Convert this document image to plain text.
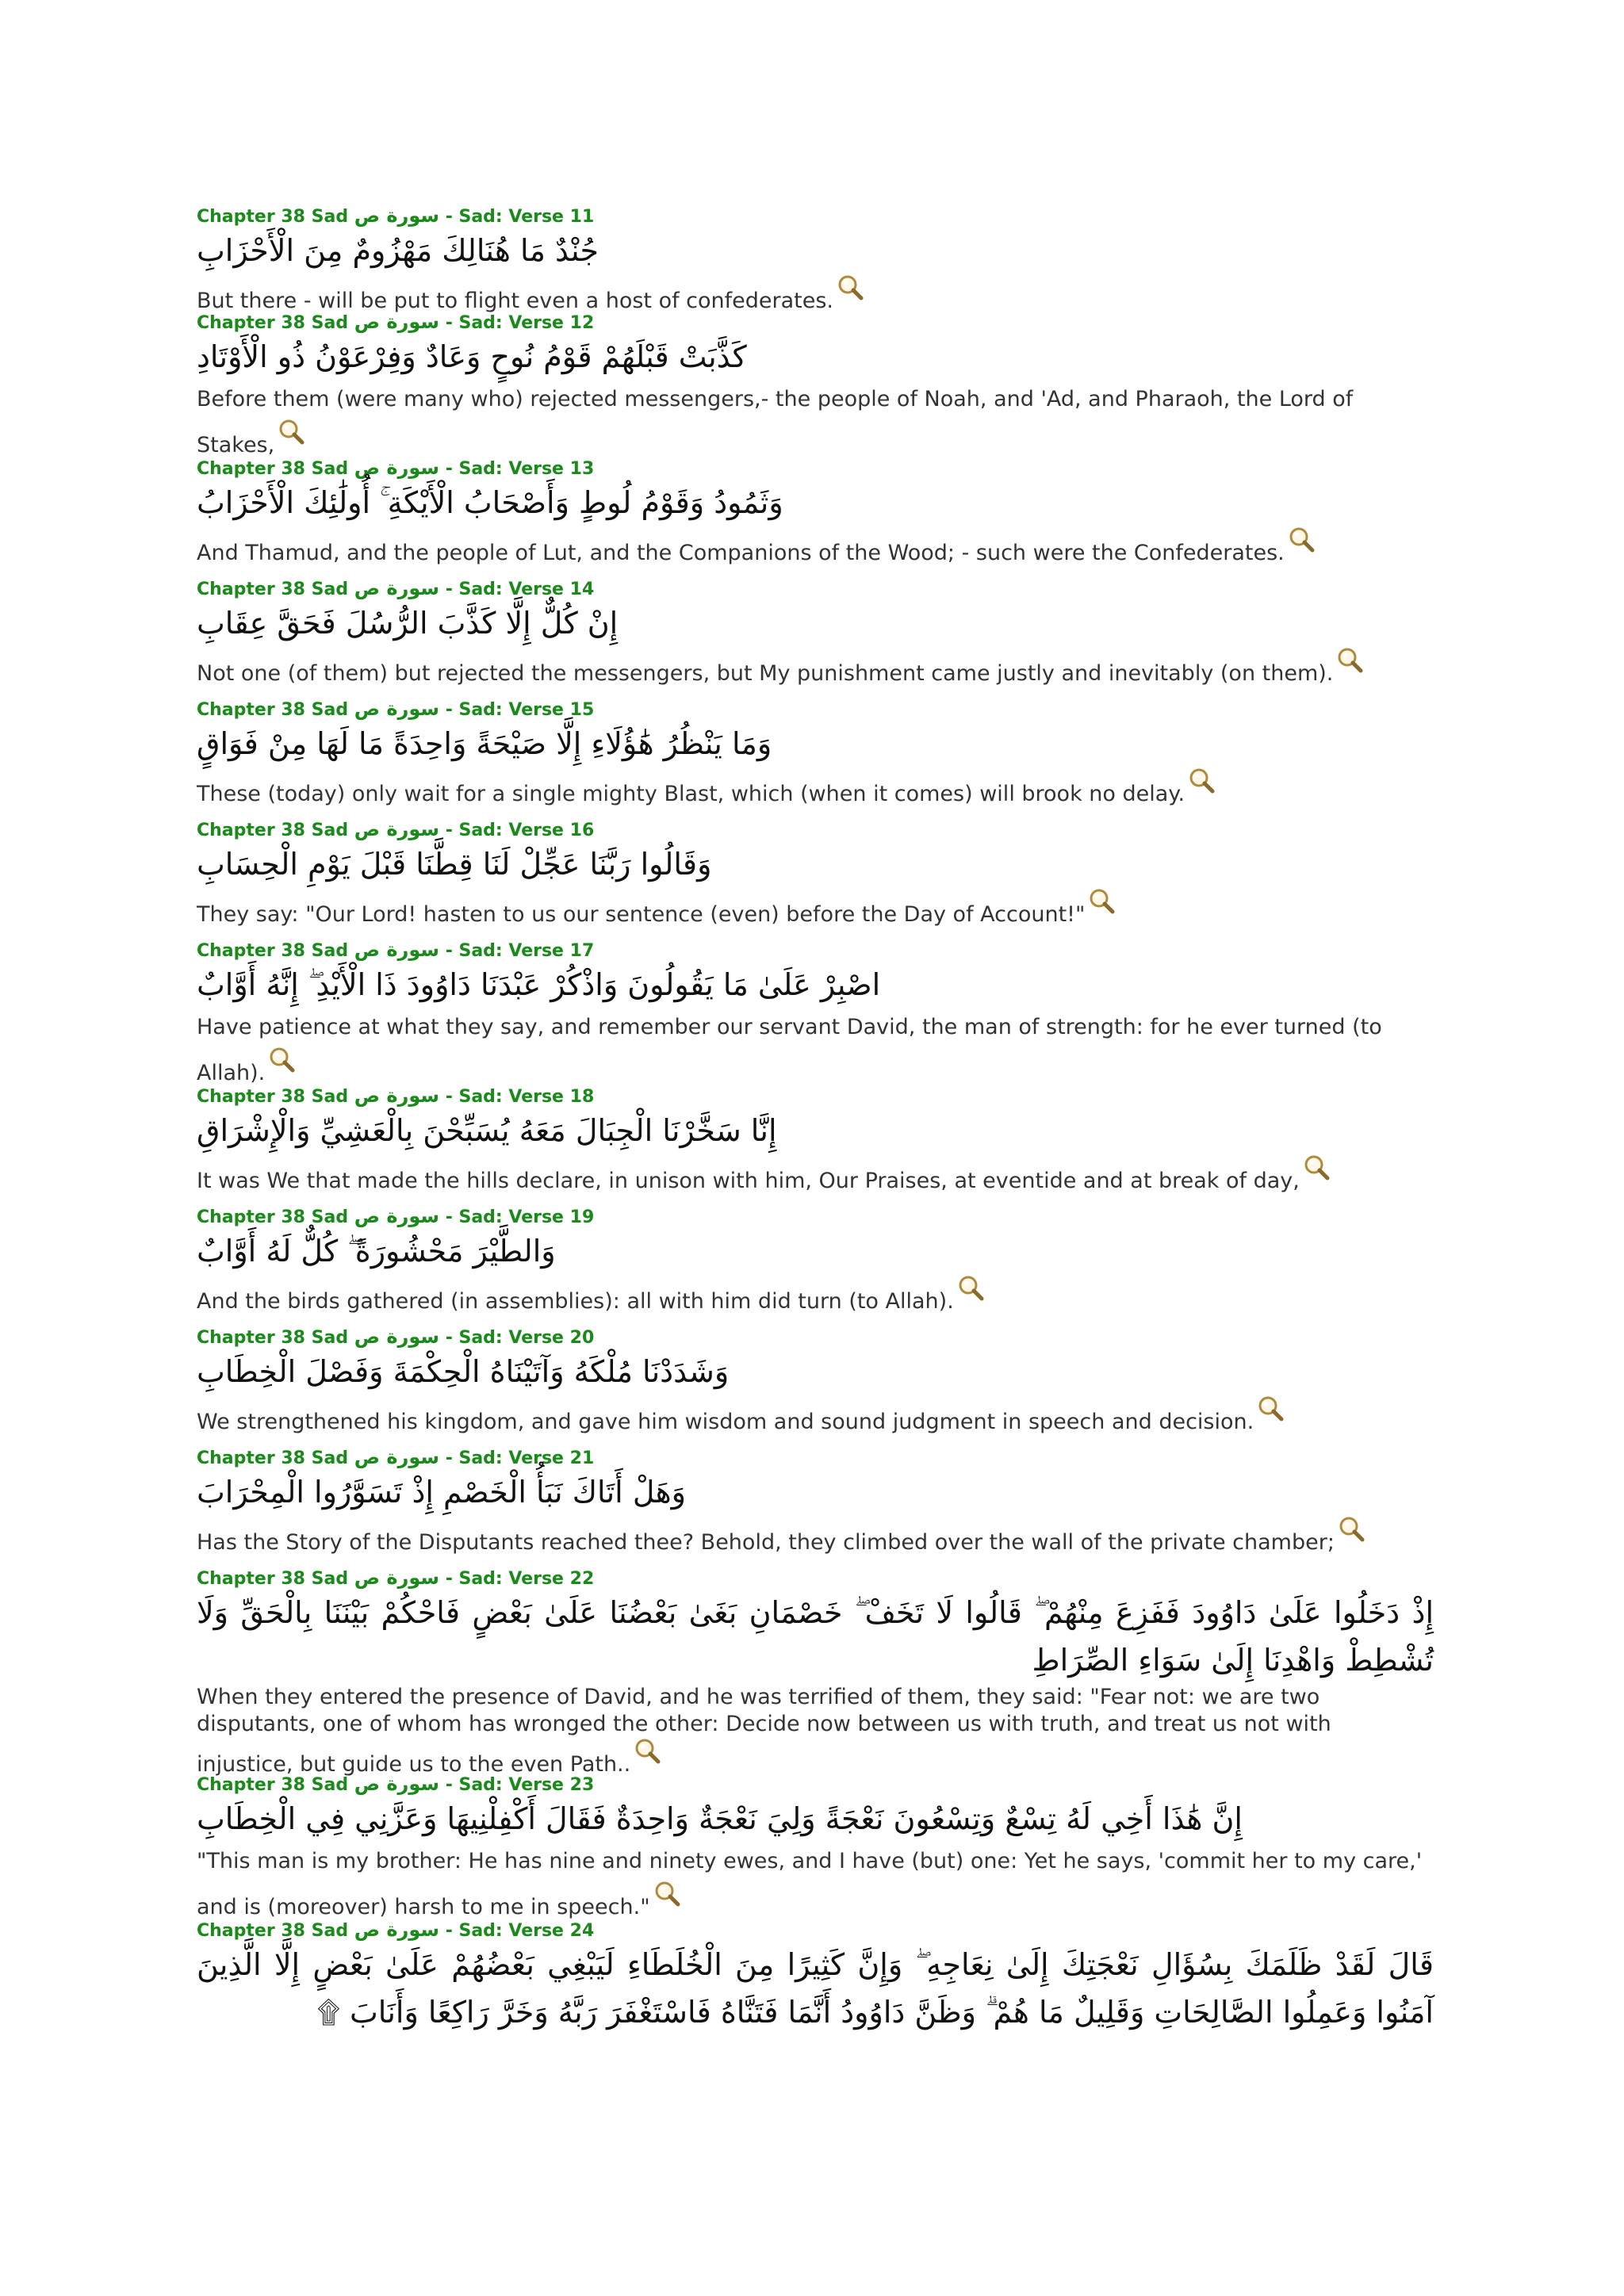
Chapter 38 Sad سورة ص - Sad: Verse 11
جُنْدٌ مَا هُنَالِكَ مَهْزُومٌ مِنَ الْأَحْزَابِ
But there - will be put to flight even a host of confederates.
Chapter 38 Sad سورة ص - Sad: Verse 12
كَذَّبَتْ قَبْلَهُمْ قَوْمُ نُوحٍ وَعَادٌ وَفِرْعَوْنُ ذُو الْأَوْتَادِ
Before them (were many who) rejected messengers,- the people of Noah, and 'Ad, and Pharaoh, the Lord of Stakes,
Chapter 38 Sad سورة ص - Sad: Verse 13
وَثَمُودُ وَقَوْمُ لُوطٍ وَأَصْحَابُ الْأَيْكَةِ ۚ أُولَٰئِكَ الْأَحْزَابُ
And Thamud, and the people of Lut, and the Companions of the Wood; - such were the Confederates.
Chapter 38 Sad سورة ص - Sad: Verse 14
إِنْ كُلٌّ إِلَّا كَذَّبَ الرُّسُلَ فَحَقَّ عِقَابِ
Not one (of them) but rejected the messengers, but My punishment came justly and inevitably (on them).
Chapter 38 Sad سورة ص - Sad: Verse 15
وَمَا يَنْظُرُ هَٰؤُلَاءِ إِلَّا صَيْحَةً وَاحِدَةً مَا لَهَا مِنْ فَوَاقٍ
These (today) only wait for a single mighty Blast, which (when it comes) will brook no delay.
Chapter 38 Sad سورة ص - Sad: Verse 16
وَقَالُوا رَبَّنَا عَجِّلْ لَنَا قِطَّنَا قَبْلَ يَوْمِ الْحِسَابِ
They say: "Our Lord! hasten to us our sentence (even) before the Day of Account!"
Chapter 38 Sad سورة ص - Sad: Verse 17
اصْبِرْ عَلَىٰ مَا يَقُولُونَ وَاذْكُرْ عَبْدَنَا دَاوُودَ ذَا الْأَيْدِ ۖ إِنَّهُ أَوَّابٌ
Have patience at what they say, and remember our servant David, the man of strength: for he ever turned (to Allah).
Chapter 38 Sad سورة ص - Sad: Verse 18
إِنَّا سَخَّرْنَا الْجِبَالَ مَعَهُ يُسَبِّحْنَ بِالْعَشِيِّ وَالْإِشْرَاقِ
It was We that made the hills declare, in unison with him, Our Praises, at eventide and at break of day,
Chapter 38 Sad سورة ص - Sad: Verse 19
وَالطَّيْرَ مَحْشُورَةً ۖ كُلٌّ لَهُ أَوَّابٌ
And the birds gathered (in assemblies): all with him did turn (to Allah).
Chapter 38 Sad سورة ص - Sad: Verse 20
وَشَدَدْنَا مُلْكَهُ وَآتَيْنَاهُ الْحِكْمَةَ وَفَصْلَ الْخِطَابِ
We strengthened his kingdom, and gave him wisdom and sound judgment in speech and decision.
Chapter 38 Sad سورة ص - Sad: Verse 21
وَهَلْ أَتَاكَ نَبَأُ الْخَصْمِ إِذْ تَسَوَّرُوا الْمِحْرَابَ
Has the Story of the Disputants reached thee? Behold, they climbed over the wall of the private chamber;
Chapter 38 Sad سورة ص - Sad: Verse 22
إِذْ دَخَلُوا عَلَىٰ دَاوُودَ فَفَزِعَ مِنْهُمْ ۖ قَالُوا لَا تَخَفْ ۖ خَصْمَانِ بَغَىٰ بَعْضُنَا عَلَىٰ بَعْضٍ فَاحْكُمْ بَيْنَنَا بِالْحَقِّ وَلَا تُشْطِطْ وَاهْدِنَا إِلَىٰ سَوَاءِ الصِّرَاطِ
When they entered the presence of David, and he was terrified of them, they said: "Fear not: we are two disputants, one of whom has wronged the other: Decide now between us with truth, and treat us not with injustice, but guide us to the even Path..
Chapter 38 Sad سورة ص - Sad: Verse 23
إِنَّ هَٰذَا أَخِي لَهُ تِسْعٌ وَتِسْعُونَ نَعْجَةً وَلِيَ نَعْجَةٌ وَاحِدَةٌ فَقَالَ أَكْفِلْنِيهَا وَعَزَّنِي فِي الْخِطَابِ
"This man is my brother: He has nine and ninety ewes, and I have (but) one: Yet he says, 'commit her to my care,' and is (moreover) harsh to me in speech."
Chapter 38 Sad سورة ص - Sad: Verse 24
قَالَ لَقَدْ ظَلَمَكَ بِسُؤَالِ نَعْجَتِكَ إِلَىٰ نِعَاجِهِ ۖ وَإِنَّ كَثِيرًا مِنَ الْخُلَطَاءِ لَيَبْغِي بَعْضُهُمْ عَلَىٰ بَعْضٍ إِلَّا الَّذِينَ آمَنُوا وَعَمِلُوا الصَّالِحَاتِ وَقَلِيلٌ مَا هُمْ ۗ وَظَنَّ دَاوُودُ أَنَّمَا فَتَنَّاهُ فَاسْتَغْفَرَ رَبَّهُ وَخَرَّ رَاكِعًا وَأَنَابَ ۩
